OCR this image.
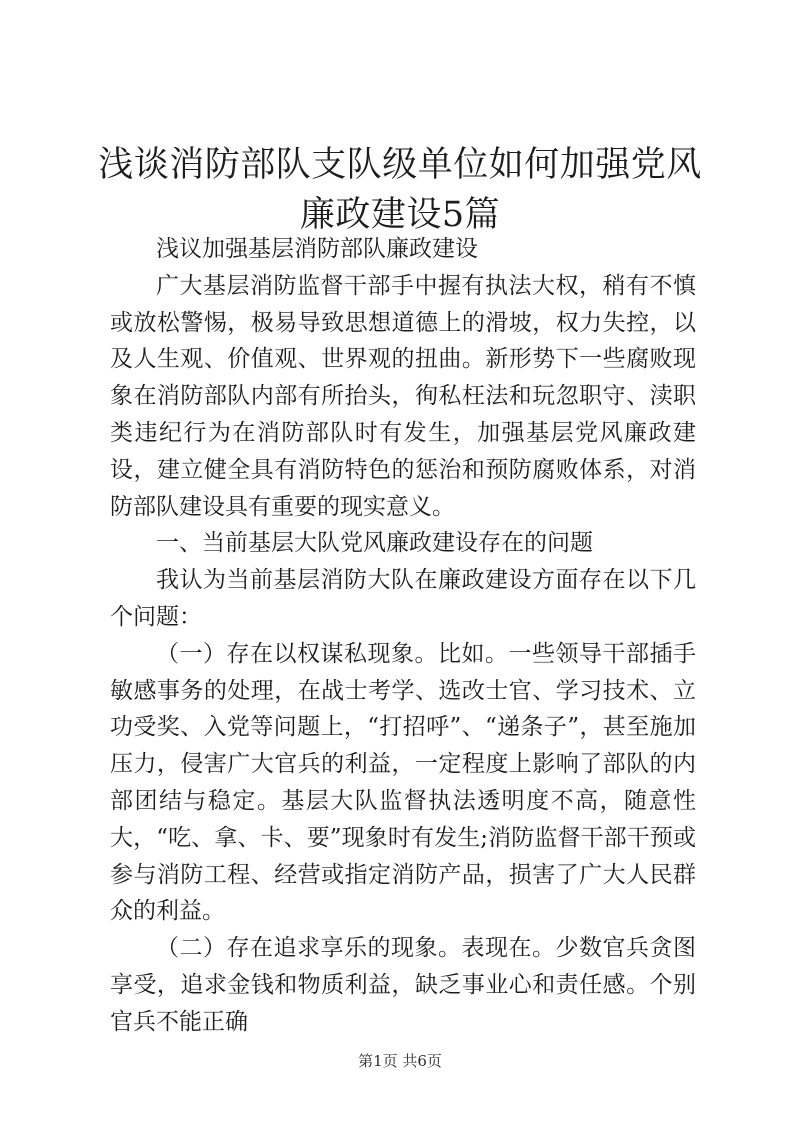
浅谈消防部队支队级单位如何加强党风廉政建设5篇

浅议加强基层消防部队廉政建设

广大基层消防监督干部手中握有执法大权，稍有不慎或放松警惕，极易导致思想道德上的滑坡，权力失控，以及人生观、价值观、世界观的扭曲。新形势下一些腐败现象在消防部队内部有所抬头，徇私枉法和玩忽职守、渎职类违纪行为在消防部队时有发生，加强基层党风廉政建设，建立健全具有消防特色的惩治和预防腐败体系，对消防部队建设具有重要的现实意义。

一、当前基层大队党风廉政建设存在的问题

我认为当前基层消防大队在廉政建设方面存在以下几个问题：

（一）存在以权谋私现象。比如。一些领导干部插手敏感事务的处理，在战士考学、选改士官、学习技术、立功受奖、入党等问题上，“打招呼”、“递条子”，甚至施加压力，侵害广大官兵的利益，一定程度上影响了部队的内部团结与稳定。基层大队监督执法透明度不高，随意性大，“吃、拿、卡、要”现象时有发生;消防监督干部干预或参与消防工程、经营或指定消防产品，损害了广大人民群众的利益。

（二）存在追求享乐的现象。表现在。少数官兵贪图享受，追求金钱和物质利益，缺乏事业心和责任感。个别官兵不能正确

第1页 共6页
